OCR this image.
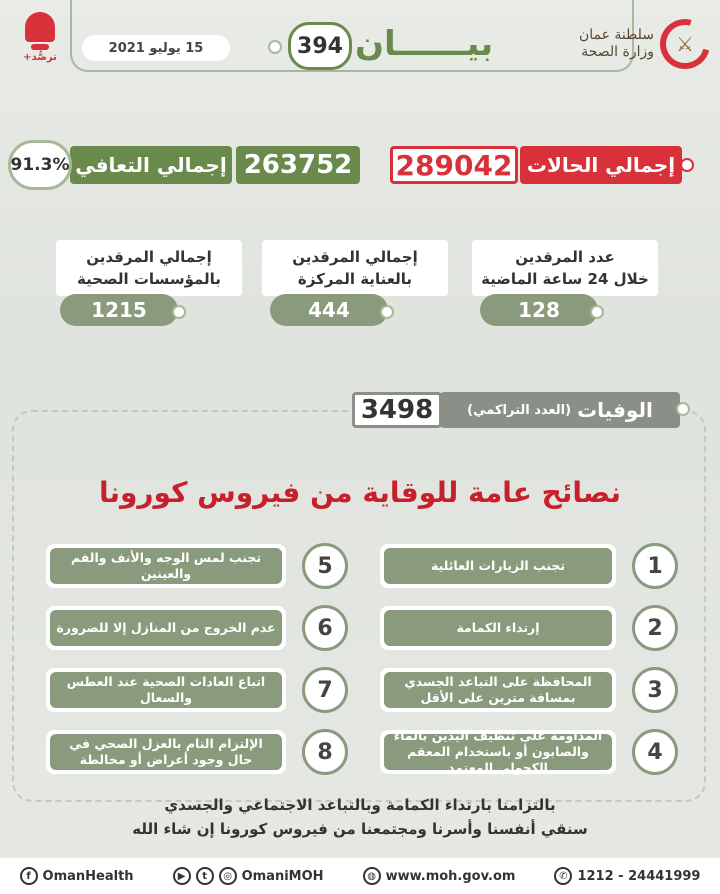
سلطنة عمان
وزارة الصحة ⚔
بيــــــان
394
15 يوليو 2021
ترصُّد+
إجمالي الحالات
289042
263752
إجمالي التعافي
91.3%
عدد المرقدين
خلال 24 ساعة الماضية
128
إجمالي المرقدين
بالعناية المركزة
444
إجمالي المرقدين
بالمؤسسات الصحية
1215
الوفيات
(العدد التراكمي)
3498
نصائح عامة للوقاية من فيروس كورونا
تجنب الزيارات العائلية	1
إرتداء الكمامة	2
المحافظة على التباعد الجسدي بمسافة مترين على الأقل	3
المداومة على تنظيف اليدين بالماء والصابون أو باستخدام المعقم الكحولي المعتمد
4
تجنب لمس الوجه والأنف والفم والعينين	5
عدم الخروج من المنازل إلا للضرورة	6
اتباع العادات الصحية عند العطس والسعال	7
الإلتزام التام بالعزل الصحي في حال وجود أعراض أو مخالطة	8
بالتزامنا بارتداء الكمامة وبالتباعد الاجتماعي والجسدي
سنقي أنفسنا وأسرنا ومجتمعنا من فيروس كورونا إن شاء الله
f OmanHealth	▶	t	◎ OmaniMOH	◍ www.moh.gov.om	✆ 1212 - 24441999
